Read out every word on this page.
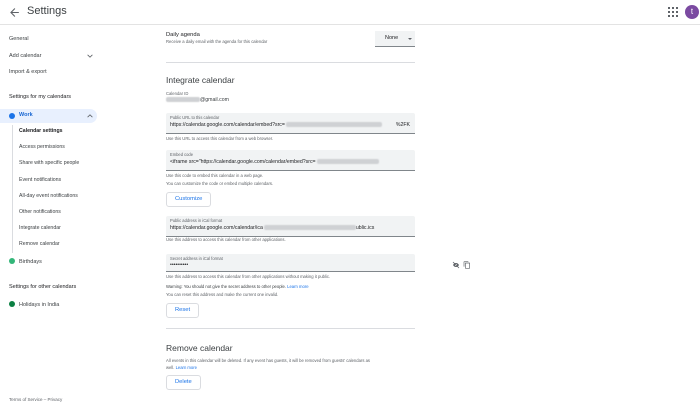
Settings	t
General
Add calendar
Import & export
Settings for my calendars
Work
Calendar settings
Access permissions
Share with specific people
Event notifications
All-day event notifications
Other notifications
Integrate calendar
Remove calendar
Birthdays
Settings for other calendars
Holidays in India
Terms of Service – Privacy
Daily agenda
Receive a daily email with the agenda for this calendar
None
Integrate calendar
Calendar ID
@gmail.com
Public URL to this calendar
https://calendar.google.com/calendar/embed?src=	%2FK
Use this URL to access this calendar from a web browser.
Embed code
<iframe src="https://calendar.google.com/calendar/embed?src=
Use this code to embed this calendar in a web page.
You can customize the code or embed multiple calendars.
Customize
Public address in iCal format
https://calendar.google.com/calendar/ica	ublic.ics
Use this address to access this calendar from other applications.
Secret address in iCal format
••••••••••
Use this address to access this calendar from other applications without making it public.
Warning: You should not give the secret address to other people. Learn more
You can reset this address and make the current one invalid.
Reset
Remove calendar
All events in this calendar will be deleted. If any event has guests, it will be removed from guests' calendars as
well. Learn more
Delete
